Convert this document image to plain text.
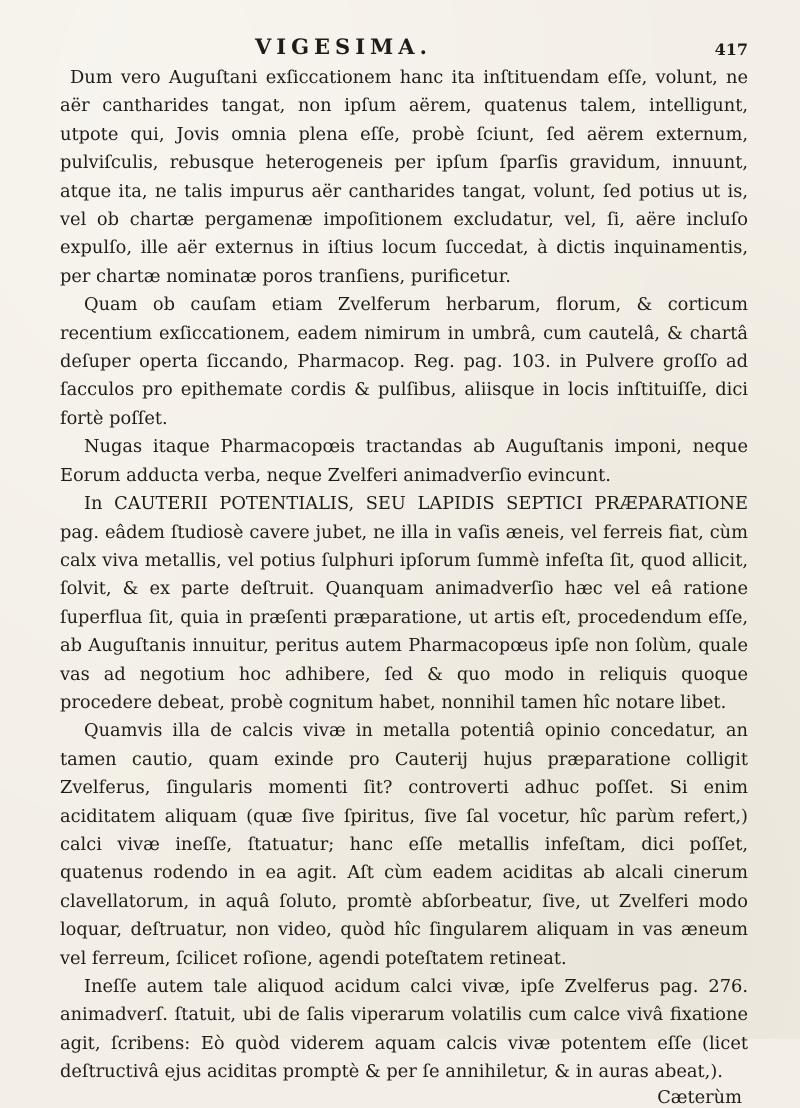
VIGESIMA.	417

Dum vero Auguſtani exſiccationem hanc ita inſtituendam eſſe, volunt, ne aër cantharides tangat, non ipſum aërem, quatenus talem, intelligunt, utpote qui, Jovis omnia plena eſſe, probè ſciunt, ſed aërem externum, pulviſculis, rebusque heterogeneis per ipſum ſparſis gravidum, innuunt, atque ita, ne talis impurus aër cantharides tangat, volunt, ſed potius ut is, vel ob chartæ pergamenæ impoſitionem excludatur, vel, ſi, aëre incluſo expulſo, ille aër externus in iſtius locum ſuccedat, à dictis inquinamentis, per chartæ nominatæ poros tranſiens, purificetur.

Quam ob cauſam etiam Zvelferum herbarum, florum, & corticum recentium exſiccationem, eadem nimirum in umbrâ, cum cautelâ, & chartâ deſuper operta ſiccando, Pharmacop. Reg. pag. 103. in Pulvere groſſo ad ſacculos pro epithemate cordis & pulſibus, aliisque in locis inſtituiſſe, dici fortè poſſet.

Nugas itaque Pharmacopœis tractandas ab Auguſtanis imponi, neque Eorum adducta verba, neque Zvelferi animadverſio evincunt.

In CAUTERII POTENTIALIS, SEU LAPIDIS SEPTICI PRÆPARATIONE pag. eâdem ſtudiosè cavere jubet, ne illa in vaſis æneis, vel ferreis fiat, cùm calx viva metallis, vel potius ſulphuri ipſorum ſummè infeſta ſit, quod allicit, ſolvit, & ex parte deſtruit. Quanquam animadverſio hæc vel eâ ratione ſuperflua ſit, quia in præſenti præparatione, ut artis eſt, procedendum eſſe, ab Auguſtanis innuitur, peritus autem Pharmacopœus ipſe non ſolùm, quale vas ad negotium hoc adhibere, ſed & quo modo in reliquis quoque procedere debeat, probè cognitum habet, nonnihil tamen hîc notare libet.

Quamvis illa de calcis vivæ in metalla potentiâ opinio concedatur, an tamen cautio, quam exinde pro Cauterij hujus præparatione colligit Zvelferus, ſingularis momenti ſit? controverti adhuc poſſet. Si enim aciditatem aliquam (quæ ſive ſpiritus, ſive ſal vocetur, hîc parùm refert,) calci vivæ ineſſe, ſtatuatur; hanc eſſe metallis infeſtam, dici poſſet, quatenus rodendo in ea agit. Aſt cùm eadem aciditas ab alcali cinerum clavellatorum, in aquâ ſoluto, promtè abſorbeatur, ſive, ut Zvelferi modo loquar, deſtruatur, non video, quòd hîc ſingularem aliquam in vas æneum vel ferreum, ſcilicet roſione, agendi poteſtatem retineat.

Ineſſe autem tale aliquod acidum calci vivæ, ipſe Zvelferus pag. 276. animadverſ. ſtatuit, ubi de ſalis viperarum volatilis cum calce vivâ fixatione agit, ſcribens: Eò quòd viderem aquam calcis vivæ potentem eſſe (licet deſtructivâ ejus aciditas promptè & per ſe annihiletur, & in auras abeat,).

Cæterùm
